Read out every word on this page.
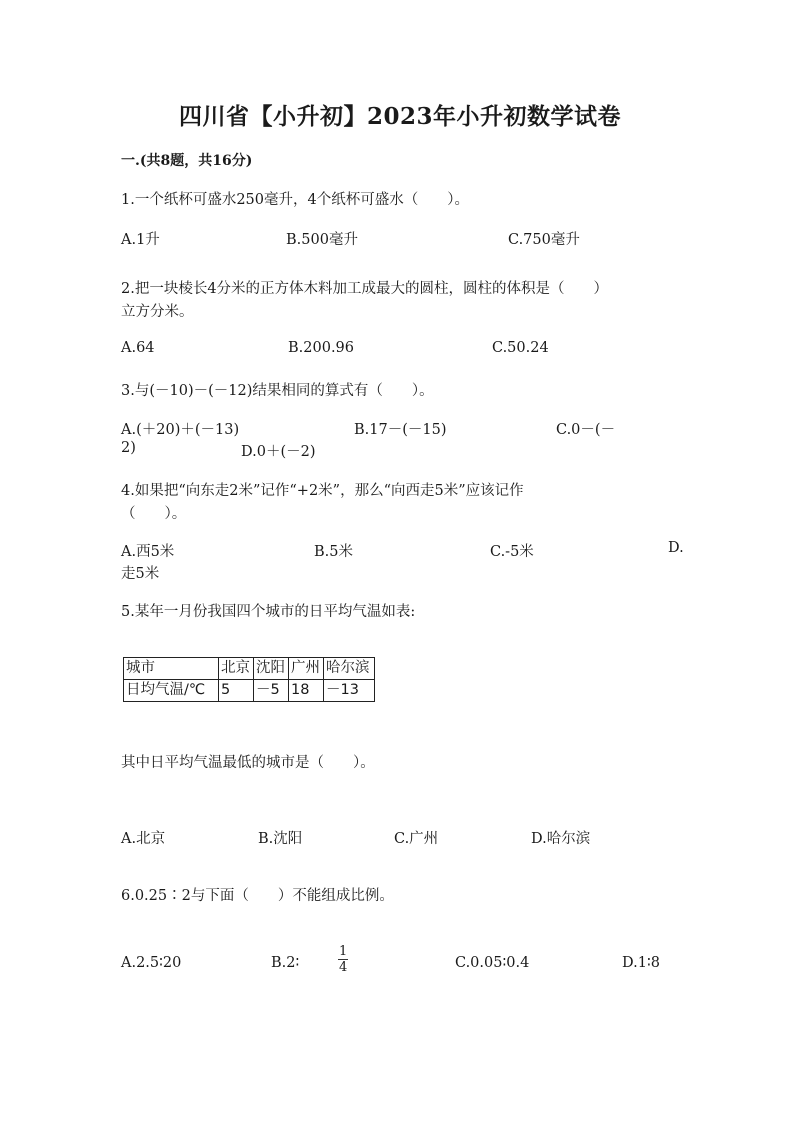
四川省【小升初】2023年小升初数学试卷
一.(共8题，共16分)
1.一个纸杯可盛水250毫升，4个纸杯可盛水（　　）。
A.1升	B.500毫升	C.750毫升
2.把一块棱长4分米的正方体木料加工成最大的圆柱，圆柱的体积是（　　）
立方分米。
A.64	B.200.96	C.50.24
3.与(－10)－(－12)结果相同的算式有（　　）。
A.(＋20)＋(－13)	B.17－(－15)	C.0－(－
2)	D.0＋(－2)
4.如果把“向东走2米”记作“+2米”，那么“向西走5米”应该记作
（　　）。
A.西5米	B.5米	C.-5米	D.
走5米
5.某年一月份我国四个城市的日平均气温如表:
城市	北京	沈阳	广州	哈尔滨
日均气温/℃	5	－5	18	－13
其中日平均气温最低的城市是（　　）。
A.北京	B.沈阳	C.广州	D.哈尔滨
6.0.25∶2与下面（　　）不能组成比例。
A.2.5∶20	B.2∶	$\frac{1}{4}$	C.0.05∶0.4	D.1∶8
